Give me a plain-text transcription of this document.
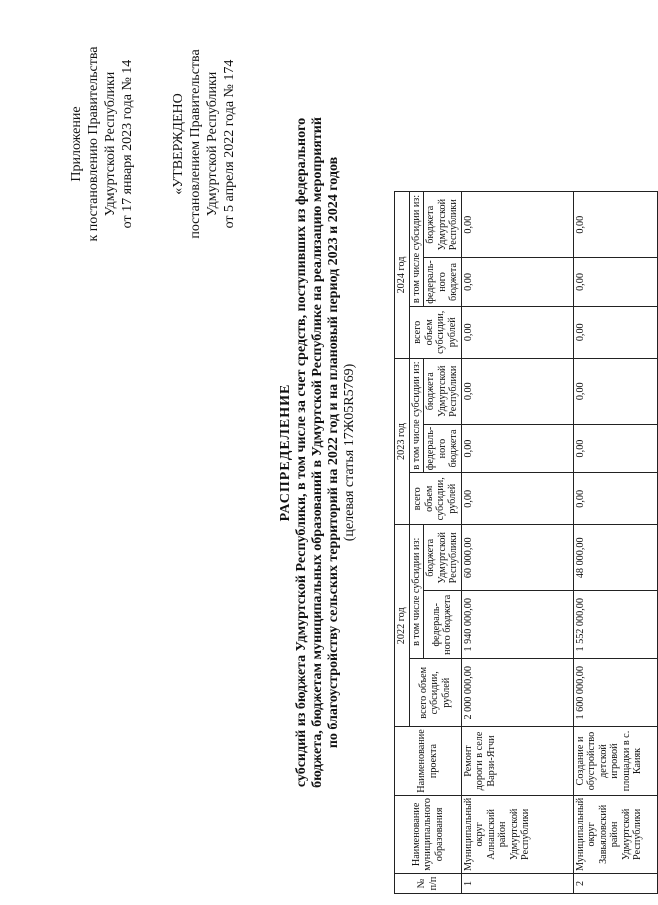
Приложение к постановлению Правительства Удмуртской Республики от 17 января 2023 года № 14	«УТВЕРЖДЕНО постановлением Правительства Удмуртской Республики от 5 апреля 2022 года № 174
РАСПРЕДЕЛЕНИЕ субсидий из бюджета Удмуртской Республики, в том числе за счет средств, поступивших из федерального бюджета, бюджетам муниципальных образований в Удмуртской Республике на реализацию мероприятий по благоустройству сельских территорий на 2022 год и на плановый период 2023 и 2024 годов (целевая статья 17Ж05R5769)
№ п/п	Наименование муниципального образования	Наименование проекта	2022 год			2023 год			2024 год		
			всего объем субсидии, рублей	в том числе субсидии из:		всего объем субсидии, рублей	в том числе субсидии из:		всего объем субсидии, рублей	в том числе субсидии из:	
				федераль-ного бюджета	бюджета Удмуртской Республики		федераль-ного бюджета	бюджета Удмуртской Республики		федераль-ного бюджета	бюджета Удмуртской Республики
1	Муниципальный округ Алнашский район Удмуртской Республики	Ремонт дороги в селе Варзи-Ятчи	2 000 000,00	1 940 000,00	60 000,00	0,00	0,00	0,00	0,00	0,00	0,00
2	Муниципальный округ Завьяловский район Удмуртской Республики	Создание и обустройство детской игровой площадки в с. Каияк	1 600 000,00	1 552 000,00	48 000,00	0,00	0,00	0,00	0,00	0,00	0,00
